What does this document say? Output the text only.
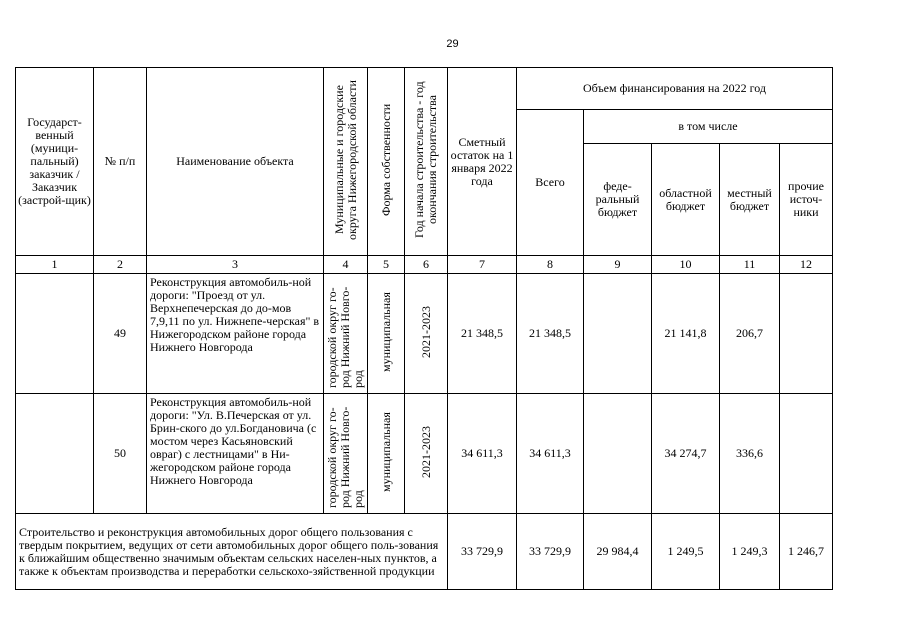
29
Государст-венный (муници-пальный) заказчик / Заказчик (застрой-щик)	№ п/п	Наименование объекта	Муниципальные и городские округа Нижегородской области	Форма собственности	Год начала строительства - год окончания строительства	Сметный остаток на 1 января 2022 года	Объем финансирования на 2022 год				
							Всего	в том числе			
								феде-ральный бюджет	областной бюджет	местный бюджет	прочие источ-ники
1	2	3	4	5	6	7	8	9	10	11	12
	49	Реконструкция автомобиль-ной дороги: "Проезд от ул. Верхнепечерская до до-мов 7,9,11 по ул. Нижнепе-черская" в Нижегородском районе города Нижнего Новгорода	городской округ го-род Нижний Новго-род	муниципальная	2021-2023	21 348,5	21 348,5		21 141,8	206,7	
	50	Реконструкция автомобиль-ной дороги: "Ул. В.Печерская от ул. Брин-ского до ул.Богдановича (с мостом через Касьяновский овраг) с лестницами" в Ни-жегородском районе города Нижнего Новгорода	городской округ го-род Нижний Новго-род	муниципальная	2021-2023	34 611,3	34 611,3		34 274,7	336,6	
Строительство и реконструкция автомобильных дорог общего пользования с твердым покрытием, ведущих от сети автомобильных дорог общего поль-зования к ближайшим общественно значимым объектам сельских населен-ных пунктов, а также к объектам производства и переработки сельскохо-зяйственной продукции						33 729,9	33 729,9	29 984,4	1 249,5	1 249,3	1 246,7
